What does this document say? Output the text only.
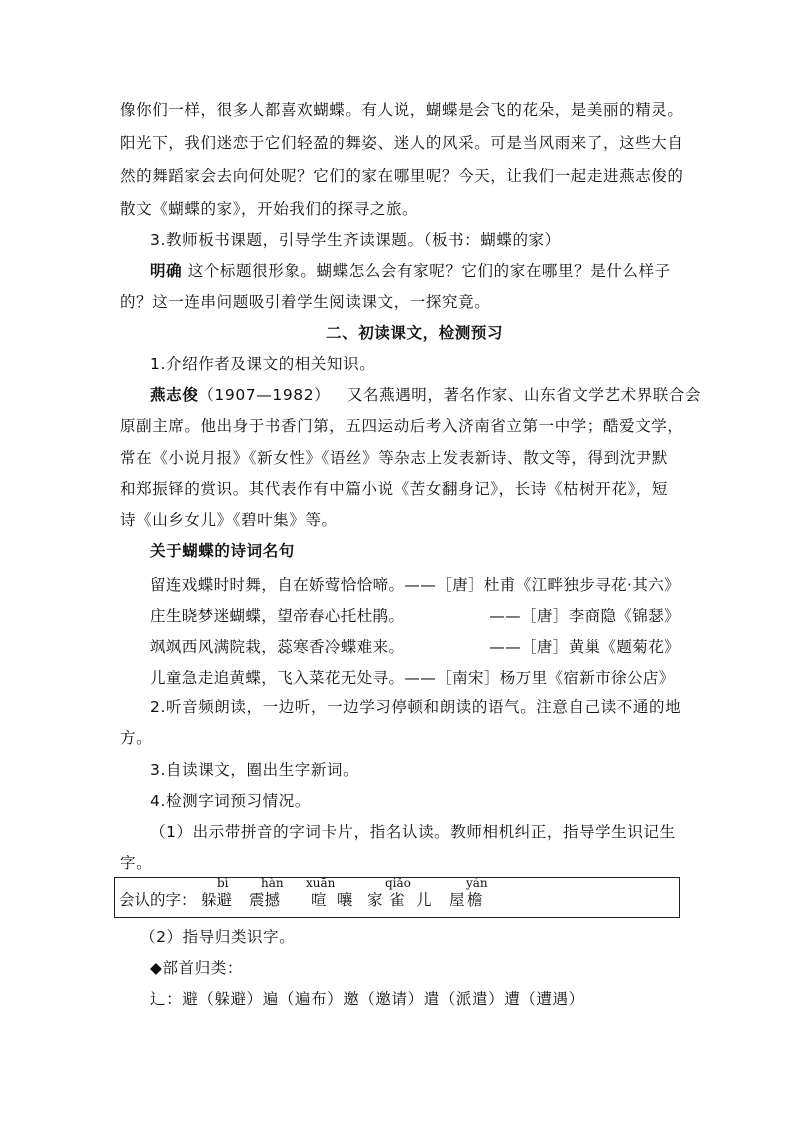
像你们一样，很多人都喜欢蝴蝶。有人说，蝴蝶是会飞的花朵，是美丽的精灵。
阳光下，我们迷恋于它们轻盈的舞姿、迷人的风采。可是当风雨来了，这些大自
然的舞蹈家会去向何处呢？它们的家在哪里呢？今天，让我们一起走进燕志俊的
散文《蝴蝶的家》，开始我们的探寻之旅。
3.教师板书课题，引导学生齐读课题。（板书：蝴蝶的家）
明确 这个标题很形象。蝴蝶怎么会有家呢？它们的家在哪里？是什么样子
的？这一连串问题吸引着学生阅读课文，一探究竟。
二、初读课文，检测预习
1.介绍作者及课文的相关知识。
燕志俊（1907—1982） 又名燕遇明，著名作家、山东省文学艺术界联合会
原副主席。他出身于书香门第，五四运动后考入济南省立第一中学；酷爱文学，
常在《小说月报》《新女性》《语丝》等杂志上发表新诗、散文等，得到沈尹默
和郑振铎的赏识。其代表作有中篇小说《苦女翻身记》，长诗《枯树开花》，短
诗《山乡女儿》《碧叶集》等。
关于蝴蝶的诗词名句
留连戏蝶时时舞，自在娇莺恰恰啼。——［唐］杜甫《江畔独步寻花·其六》
庄生晓梦迷蝴蝶，望帝春心托杜鹃。	——［唐］李商隐《锦瑟》
飒飒西风满院栽，蕊寒香冷蝶难来。	——［唐］黄巢《题菊花》
儿童急走追黄蝶，飞入菜花无处寻。——［南宋］杨万里《宿新市徐公店》
2.听音频朗读，一边听，一边学习停顿和朗读的语气。注意自己读不通的地
方。
3.自读课文，圈出生字新词。
4.检测字词预习情况。
（1）出示带拼音的字词卡片，指名认读。教师相机纠正，指导学生识记生
字。
会认的字：
bì
躲避
hàn
震撼
xuān
喧 嚷 家
qiǎo
雀 儿
yán
屋 檐
（2）指导归类识字。
◆部首归类：
辶：避（躲避）遍（遍布）邀（邀请）遣（派遣）遭（遭遇）
